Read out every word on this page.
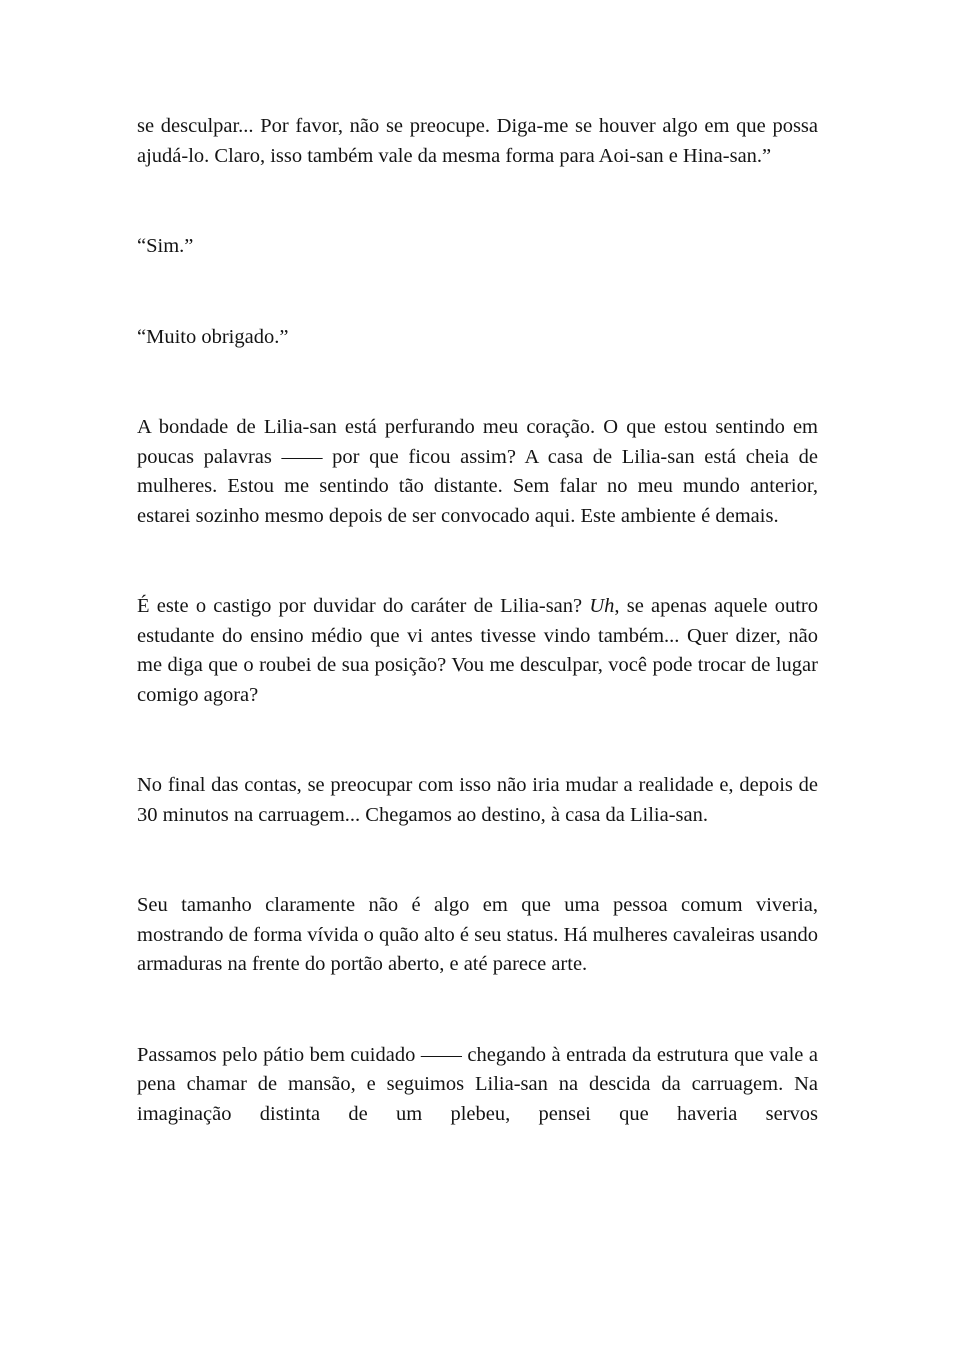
se desculpar... Por favor, não se preocupe. Diga-me se houver algo em que possa ajudá-lo. Claro, isso também vale da mesma forma para Aoi-san e Hina-san.”

“Sim.”

“Muito obrigado.”

A bondade de Lilia-san está perfurando meu coração. O que estou sentindo em poucas palavras —— por que ficou assim? A casa de Lilia-san está cheia de mulheres. Estou me sentindo tão distante. Sem falar no meu mundo anterior, estarei sozinho mesmo depois de ser convocado aqui. Este ambiente é demais.

É este o castigo por duvidar do caráter de Lilia-san? Uh, se apenas aquele outro estudante do ensino médio que vi antes tivesse vindo também... Quer dizer, não me diga que o roubei de sua posição? Vou me desculpar, você pode trocar de lugar comigo agora?

No final das contas, se preocupar com isso não iria mudar a realidade e, depois de 30 minutos na carruagem... Chegamos ao destino, à casa da Lilia-san.

Seu tamanho claramente não é algo em que uma pessoa comum viveria, mostrando de forma vívida o quão alto é seu status. Há mulheres cavaleiras usando armaduras na frente do portão aberto, e até parece arte.

Passamos pelo pátio bem cuidado —— chegando à entrada da estrutura que vale a pena chamar de mansão, e seguimos Lilia-san na descida da carruagem. Na imaginação distinta de um plebeu, pensei que haveria servos
